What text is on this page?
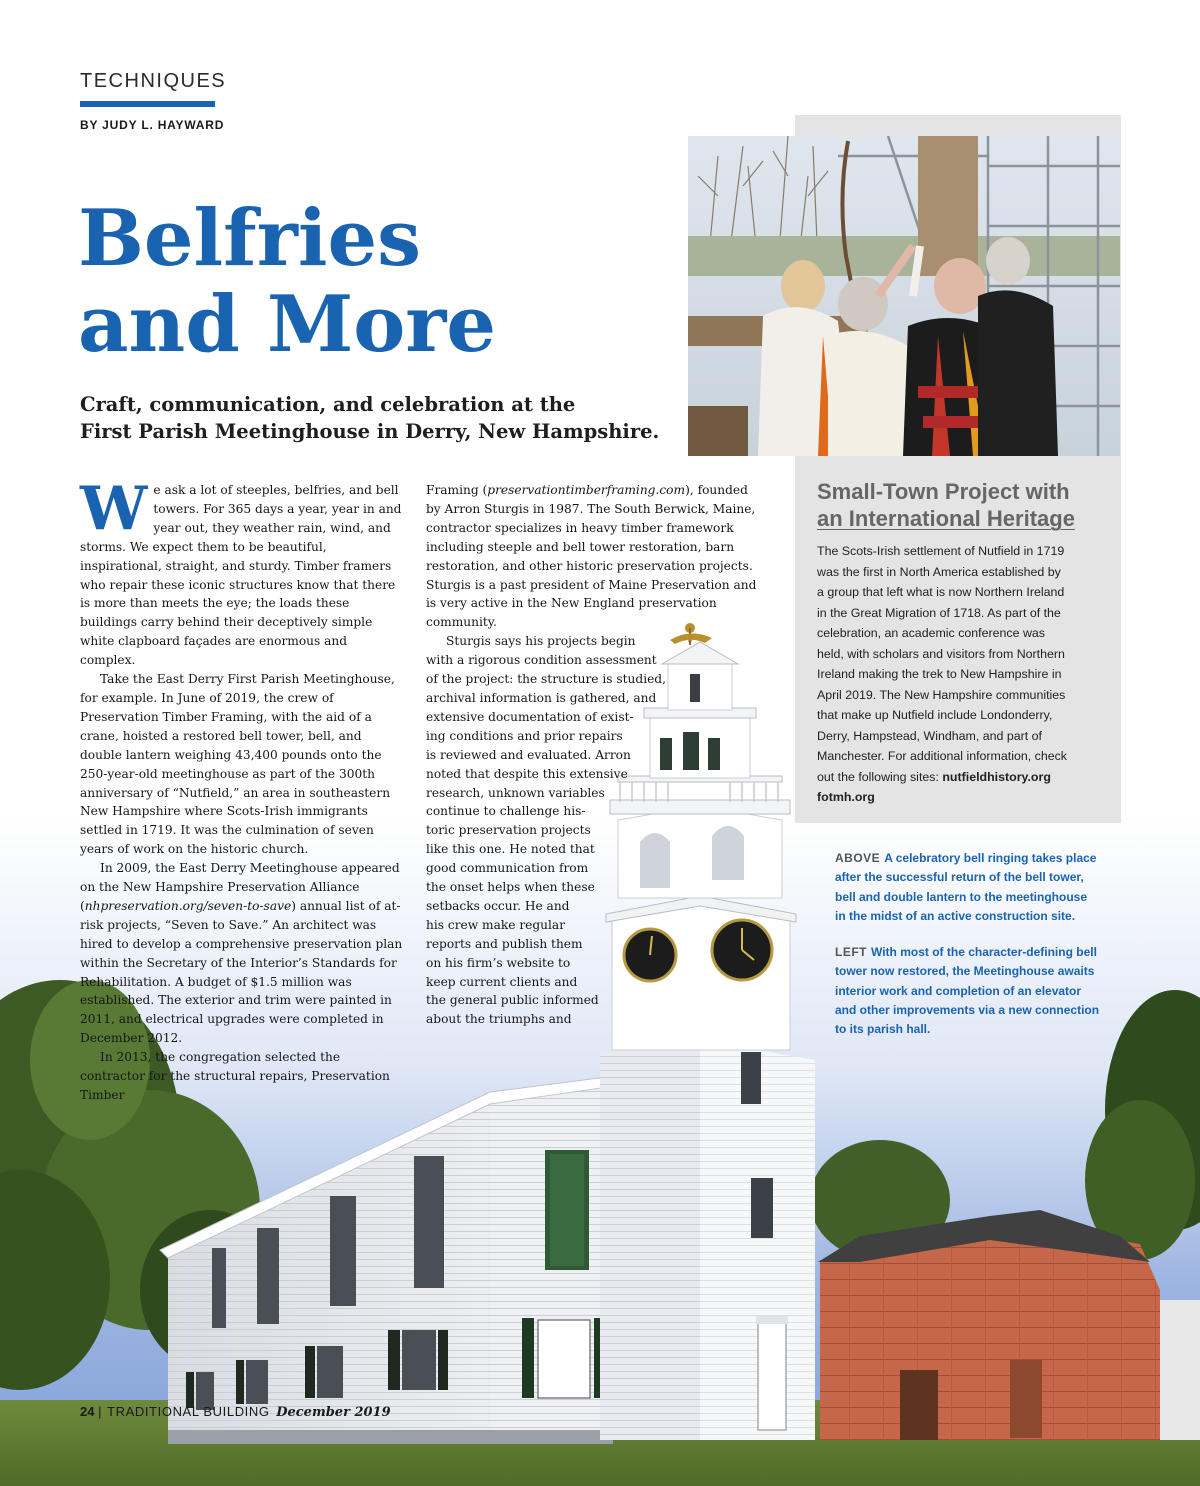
TECHNIQUES
BY JUDY L. HAYWARD
Belfries
and More
Craft, communication, and celebration at the
First Parish Meetinghouse in Derry, New Hampshire.

We ask a lot of steeples, belfries, and bell towers. For 365 days a year, year in and year out, they weather rain, wind, and storms. We expect them to be beautiful, inspirational, straight, and sturdy. Timber framers who repair these iconic structures know that there is more than meets the eye; the loads these buildings carry behind their deceptively simple white clapboard façades are enormous and complex.

Take the East Derry First Parish Meetinghouse, for example. In June of 2019, the crew of Preservation Timber Framing, with the aid of a crane, hoisted a restored bell tower, bell, and double lantern weighing 43,400 pounds onto the 250-year-old meetinghouse as part of the 300th anniversary of “Nutfield,” an area in southeastern New Hampshire where Scots-Irish immigrants settled in 1719. It was the culmination of seven years of work on the historic church.

In 2009, the East Derry Meetinghouse appeared on the New Hampshire Preservation Alliance (nhpreservation.org/seven-to-save) annual list of at-risk projects, “Seven to Save.” An architect was hired to develop a comprehensive preservation plan within the Secretary of the Interior’s Standards for Rehabilitation. A budget of $1.5 million was established. The exterior and trim were painted in 2011, and electrical upgrades were completed in December 2012.

In 2013, the congregation selected the contractor for the structural repairs, Preservation Timber

Framing (preservationtimberframing.com), founded
by Arron Sturgis in 1987. The South Berwick, Maine,
contractor specializes in heavy timber framework
including steeple and bell tower restoration, barn
restoration, and other historic preservation projects.
Sturgis is a past president of Maine Preservation and
is very active in the New England preservation
community.
Sturgis says his projects begin
with a rigorous condition assessment
of the project: the structure is studied,
archival information is gathered, and
extensive documentation of exist-
ing conditions and prior repairs
is reviewed and evaluated. Arron
noted that despite this extensive
research, unknown variables
continue to challenge his-
toric preservation projects
like this one. He noted that
good communication from
the onset helps when these
setbacks occur. He and
his crew make regular
reports and publish them
on his firm’s website to
keep current clients and
the general public informed
about the triumphs and
Small-Town Project with
an International Heritage
The Scots-Irish settlement of Nutfield in 1719
was the first in North America established by
a group that left what is now Northern Ireland
in the Great Migration of 1718. As part of the
celebration, an academic conference was
held, with scholars and visitors from Northern
Ireland making the trek to New Hampshire in
April 2019. The New Hampshire communities
that make up Nutfield include Londonderry,
Derry, Hampstead, Windham, and part of
Manchester. For additional information, check
out the following sites: nutfieldhistory.org
fotmh.org
ABOVE A celebratory bell ringing takes place
after the successful return of the bell tower,
bell and double lantern to the meetinghouse
in the midst of an active construction site.
LEFT With most of the character-defining bell
tower now restored, the Meetinghouse awaits
interior work and completion of an elevator
and other improvements via a new connection
to its parish hall.
24 | TRADITIONAL BUILDING December 2019
